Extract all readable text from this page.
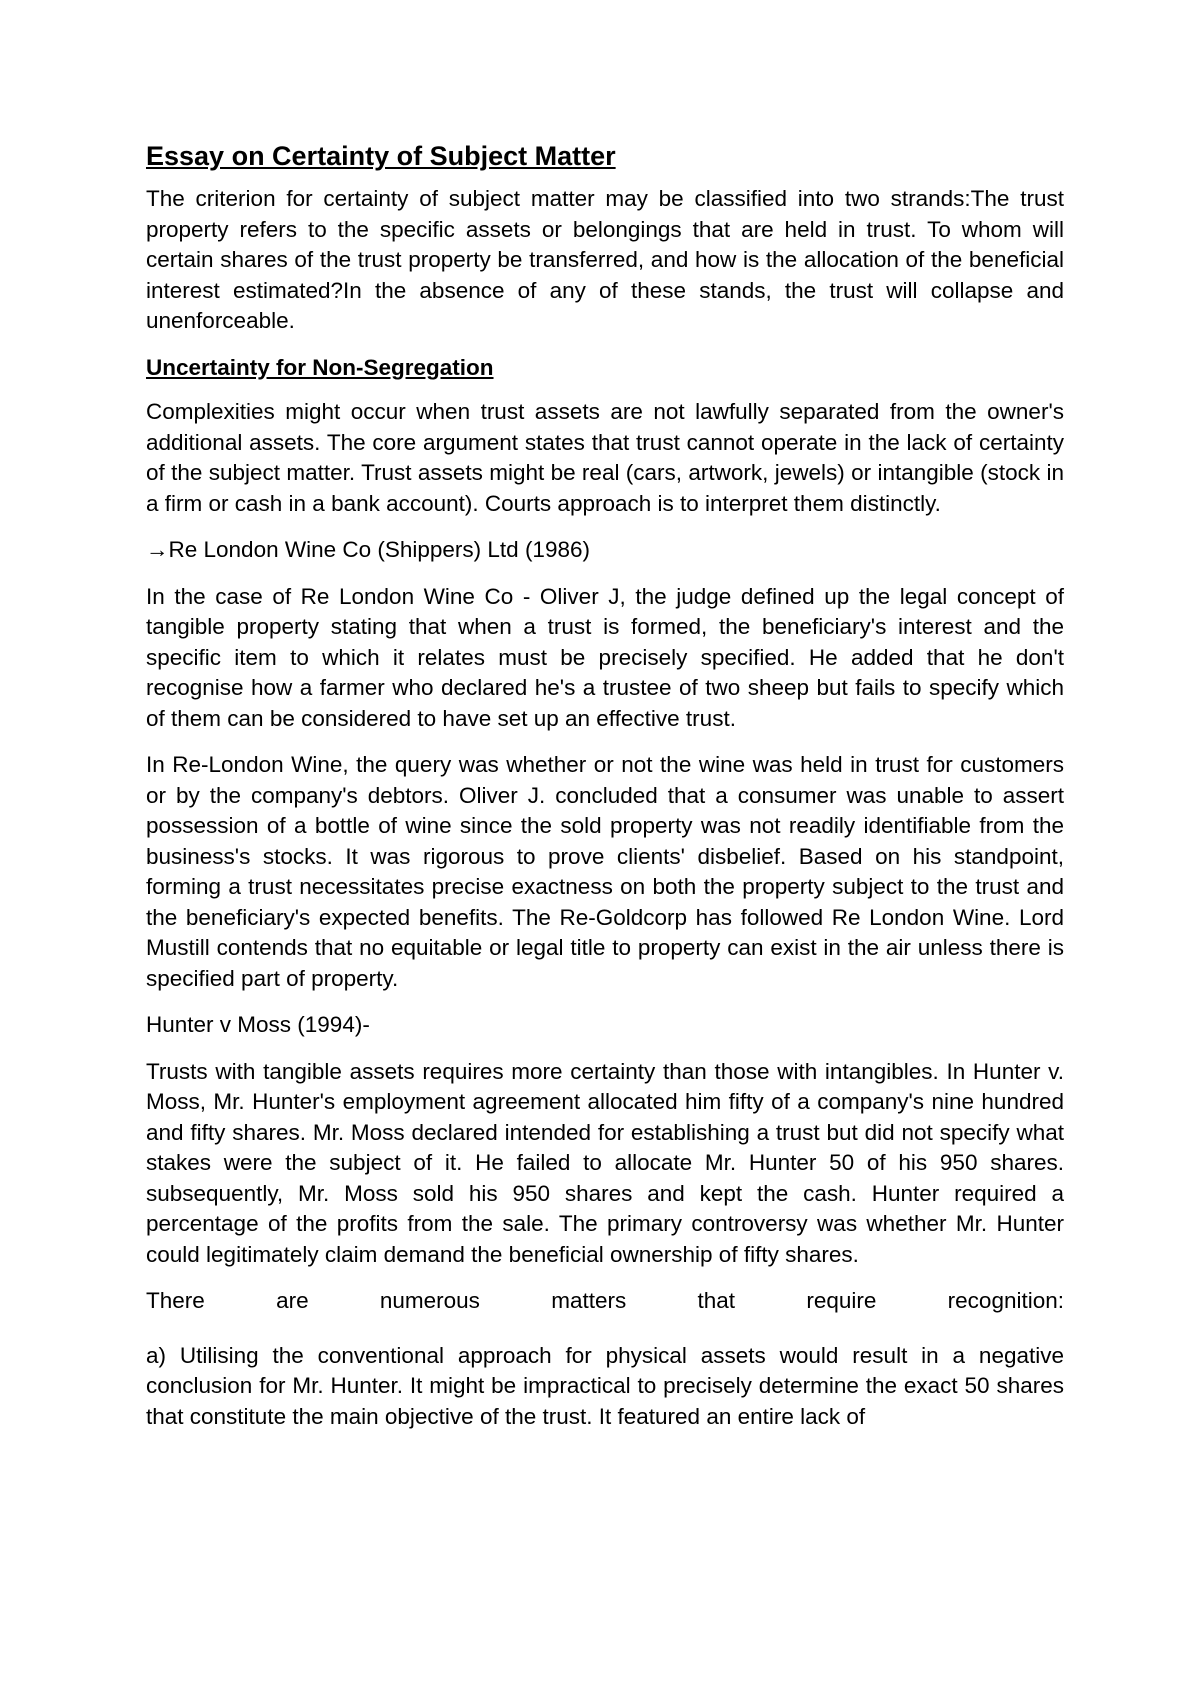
Essay on Certainty of Subject Matter

The criterion for certainty of subject matter may be classified into two strands:The trust property refers to the specific assets or belongings that are held in trust. To whom will certain shares of the trust property be transferred, and how is the allocation of the beneficial interest estimated?In the absence of any of these stands, the trust will collapse and unenforceable.

Uncertainty for Non-Segregation

Complexities might occur when trust assets are not lawfully separated from the owner's additional assets. The core argument states that trust cannot operate in the lack of certainty of the subject matter. Trust assets might be real (cars, artwork, jewels) or intangible (stock in a firm or cash in a bank account). Courts approach is to interpret them distinctly.

→Re London Wine Co (Shippers) Ltd (1986)

In the case of Re London Wine Co - Oliver J, the judge defined up the legal concept of tangible property stating that when a trust is formed, the beneficiary's interest and the specific item to which it relates must be precisely specified. He added that he don't recognise how a farmer who declared he's a trustee of two sheep but fails to specify which of them can be considered to have set up an effective trust.

In Re-London Wine, the query was whether or not the wine was held in trust for customers or by the company's debtors. Oliver J. concluded that a consumer was unable to assert possession of a bottle of wine since the sold property was not readily identifiable from the business's stocks. It was rigorous to prove clients' disbelief. Based on his standpoint, forming a trust necessitates precise exactness on both the property subject to the trust and the beneficiary's expected benefits. The Re-Goldcorp has followed Re London Wine. Lord Mustill contends that no equitable or legal title to property can exist in the air unless there is specified part of property.

Hunter v Moss (1994)-

Trusts with tangible assets requires more certainty than those with intangibles. In Hunter v. Moss, Mr. Hunter's employment agreement allocated him fifty of a company's nine hundred and fifty shares. Mr. Moss declared intended for establishing a trust but did not specify what stakes were the subject of it. He failed to allocate Mr. Hunter 50 of his 950 shares. subsequently, Mr. Moss sold his 950 shares and kept the cash. Hunter required a percentage of the profits from the sale. The primary controversy was whether Mr. Hunter could legitimately claim demand the beneficial ownership of fifty shares.

There are numerous matters that require recognition:

a) Utilising the conventional approach for physical assets would result in a negative conclusion for Mr. Hunter. It might be impractical to precisely determine the exact 50 shares that constitute the main objective of the trust. It featured an entire lack of
